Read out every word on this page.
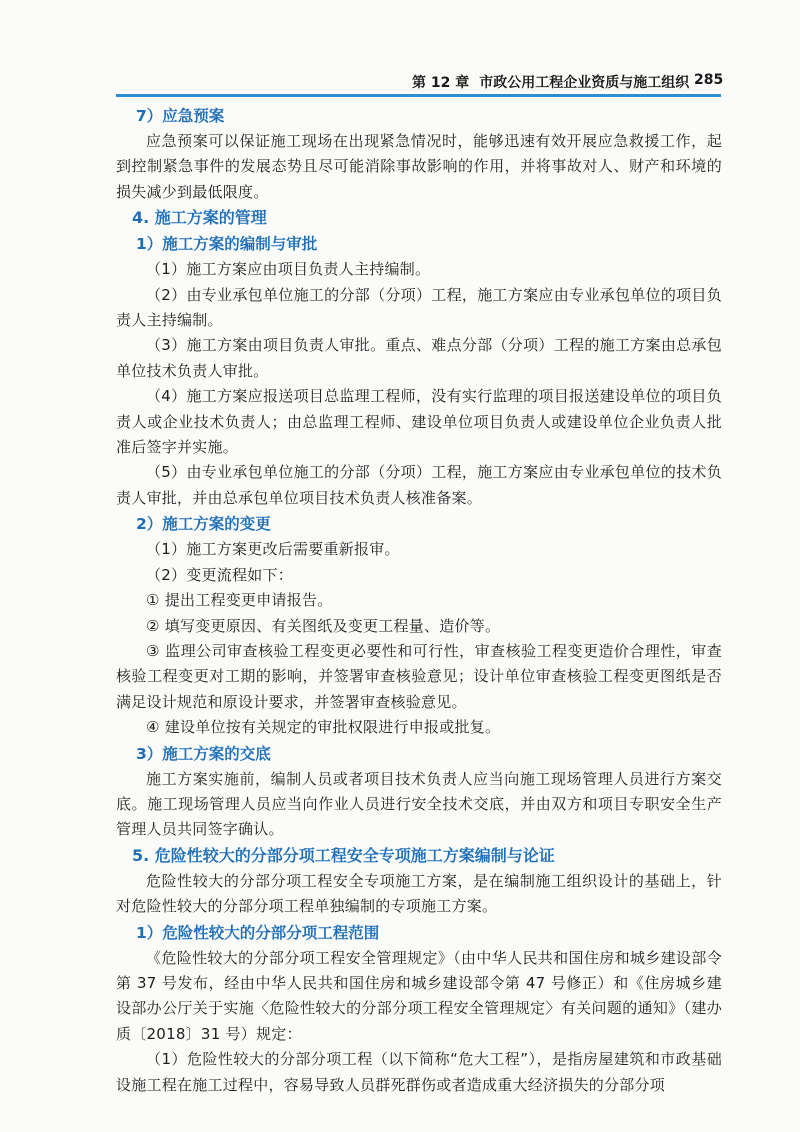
第 12 章 市政公用工程企业资质与施工组织 285
7）应急预案

应急预案可以保证施工现场在出现紧急情况时，能够迅速有效开展应急救援工作，起到控制紧急事件的发展态势且尽可能消除事故影响的作用，并将事故对人、财产和环境的损失减少到最低限度。

4. 施工方案的管理
1）施工方案的编制与审批

（1）施工方案应由项目负责人主持编制。

（2）由专业承包单位施工的分部（分项）工程，施工方案应由专业承包单位的项目负责人主持编制。

（3）施工方案由项目负责人审批。重点、难点分部（分项）工程的施工方案由总承包单位技术负责人审批。

（4）施工方案应报送项目总监理工程师，没有实行监理的项目报送建设单位的项目负责人或企业技术负责人；由总监理工程师、建设单位项目负责人或建设单位企业负责人批准后签字并实施。

（5）由专业承包单位施工的分部（分项）工程，施工方案应由专业承包单位的技术负责人审批，并由总承包单位项目技术负责人核准备案。

2）施工方案的变更

（1）施工方案更改后需要重新报审。

（2）变更流程如下：

① 提出工程变更申请报告。

② 填写变更原因、有关图纸及变更工程量、造价等。

③ 监理公司审查核验工程变更必要性和可行性，审查核验工程变更造价合理性，审查核验工程变更对工期的影响，并签署审查核验意见；设计单位审查核验工程变更图纸是否满足设计规范和原设计要求，并签署审查核验意见。

④ 建设单位按有关规定的审批权限进行申报或批复。

3）施工方案的交底

施工方案实施前，编制人员或者项目技术负责人应当向施工现场管理人员进行方案交底。施工现场管理人员应当向作业人员进行安全技术交底，并由双方和项目专职安全生产管理人员共同签字确认。

5. 危险性较大的分部分项工程安全专项施工方案编制与论证

危险性较大的分部分项工程安全专项施工方案，是在编制施工组织设计的基础上，针对危险性较大的分部分项工程单独编制的专项施工方案。

1）危险性较大的分部分项工程范围

《危险性较大的分部分项工程安全管理规定》（由中华人民共和国住房和城乡建设部令第 37 号发布，经由中华人民共和国住房和城乡建设部令第 47 号修正）和《住房城乡建设部办公厅关于实施〈危险性较大的分部分项工程安全管理规定〉有关问题的通知》（建办质〔2018〕31 号）规定：

（1）危险性较大的分部分项工程（以下简称“危大工程”），是指房屋建筑和市政基础设施工程在施工过程中，容易导致人员群死群伤或者造成重大经济损失的分部分项
